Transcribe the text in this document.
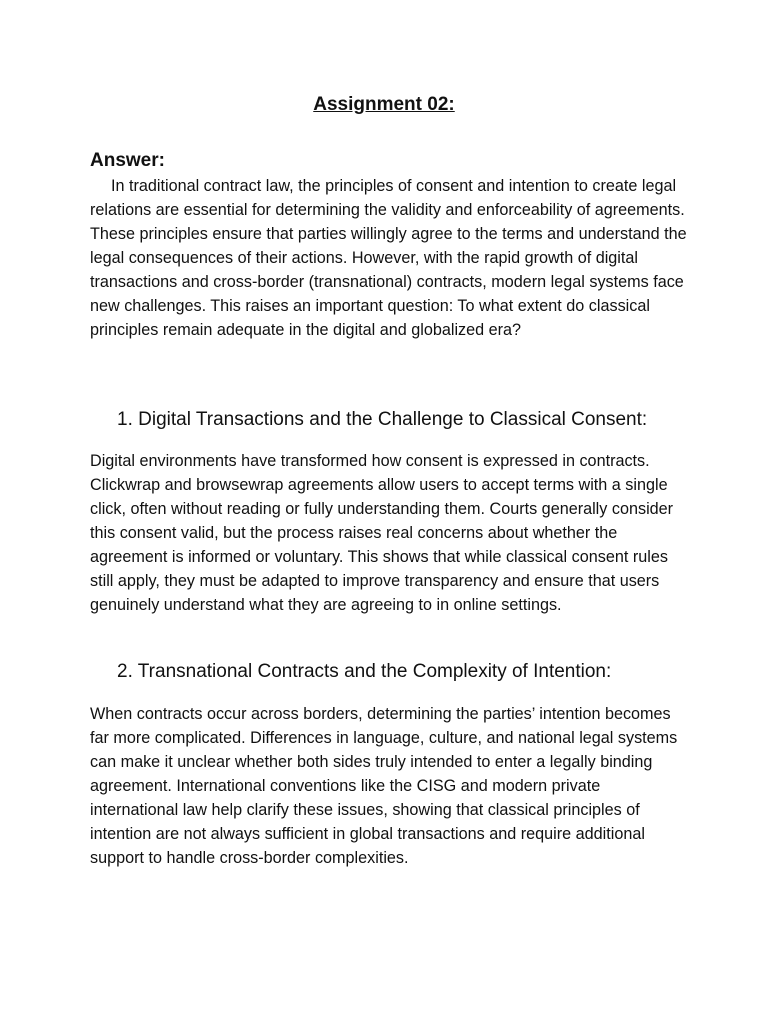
Assignment 02:
Answer:

In traditional contract law, the principles of consent and intention to create legal relations are essential for determining the validity and enforceability of agreements. These principles ensure that parties willingly agree to the terms and understand the legal consequences of their actions. However, with the rapid growth of digital transactions and cross-border (transnational) contracts, modern legal systems face new challenges. This raises an important question: To what extent do classical principles remain adequate in the digital and globalized era?

1. Digital Transactions and the Challenge to Classical Consent:

Digital environments have transformed how consent is expressed in contracts. Clickwrap and browsewrap agreements allow users to accept terms with a single click, often without reading or fully understanding them. Courts generally consider this consent valid, but the process raises real concerns about whether the agreement is informed or voluntary. This shows that while classical consent rules still apply, they must be adapted to improve transparency and ensure that users genuinely understand what they are agreeing to in online settings.

2. Transnational Contracts and the Complexity of Intention:

When contracts occur across borders, determining the parties’ intention becomes far more complicated. Differences in language, culture, and national legal systems can make it unclear whether both sides truly intended to enter a legally binding agreement. International conventions like the CISG and modern private international law help clarify these issues, showing that classical principles of intention are not always sufficient in global transactions and require additional support to handle cross-border complexities.
